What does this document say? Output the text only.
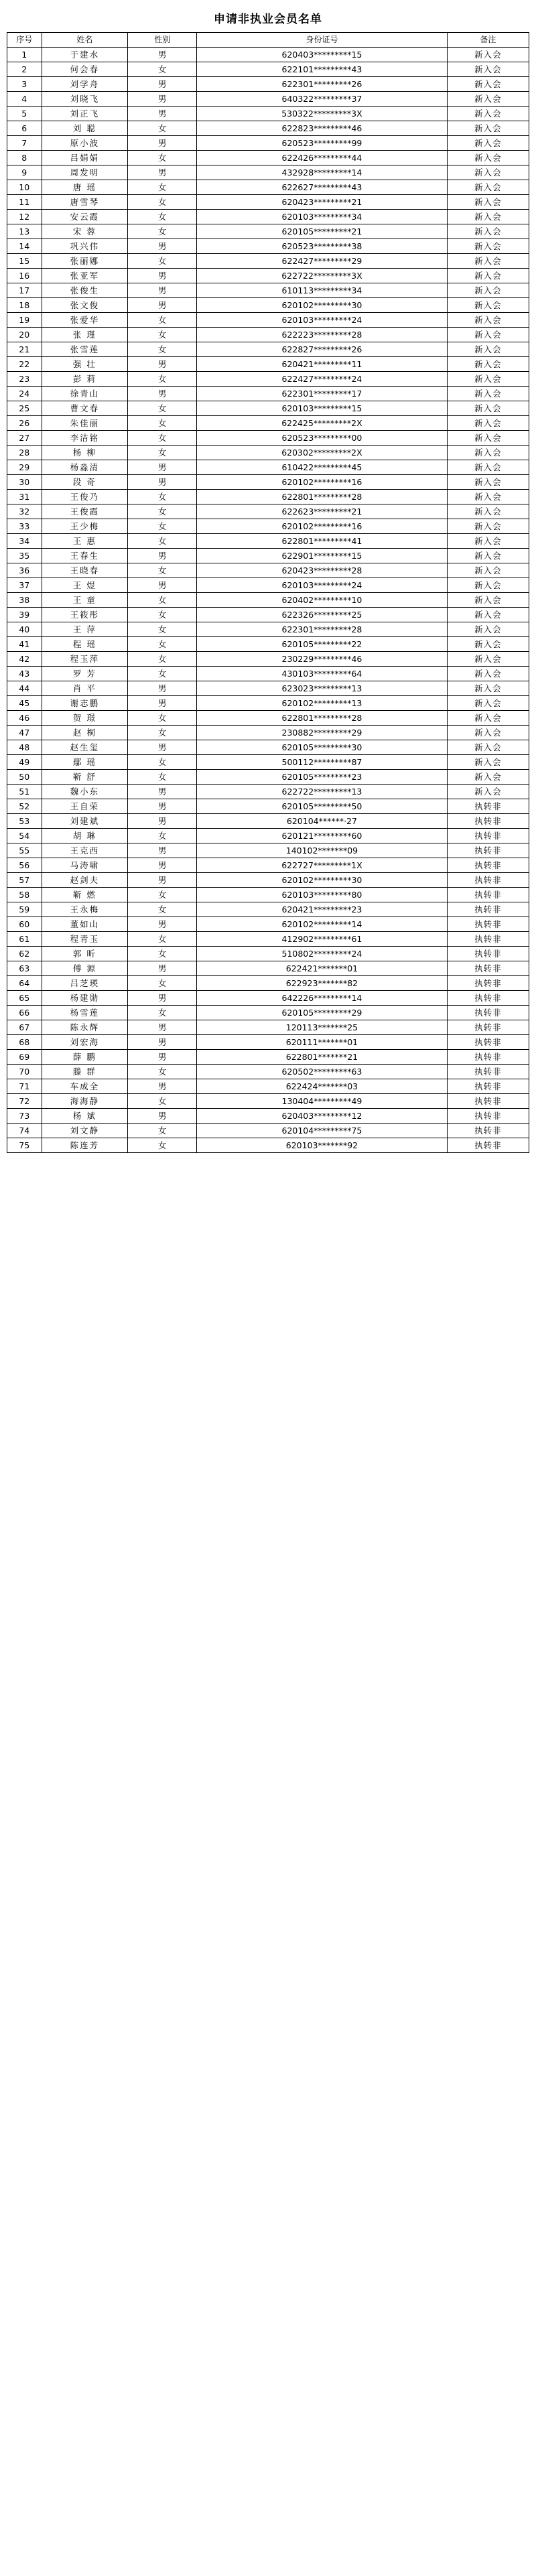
申请非执业会员名单
序号	姓名	性别	身份证号	备注
1	于建水	男	620403*********15	新入会
2	何会春	女	622101*********43	新入会
3	刘学舟	男	622301*********26	新入会
4	刘晓飞	男	640322*********37	新入会
5	刘正飞	男	530322*********3X	新入会
6	刘 聪	女	622823*********46	新入会
7	原小波	男	620523*********99	新入会
8	吕娟娟	女	622426*********44	新入会
9	周发明	男	432928*********14	新入会
10	唐 瑶	女	622627*********43	新入会
11	唐雪琴	女	620423*********21	新入会
12	安云霞	女	620103*********34	新入会
13	宋 蓉	女	620105*********21	新入会
14	巩兴伟	男	620523*********38	新入会
15	张丽娜	女	622427*********29	新入会
16	张亚军	男	622722*********3X	新入会
17	张俊生	男	610113*********34	新入会
18	张文俊	男	620102*********30	新入会
19	张爱华	女	620103*********24	新入会
20	张 瑾	女	622223*********28	新入会
21	张雪莲	女	622827*********26	新入会
22	强 壮	男	620421*********11	新入会
23	彭 莉	女	622427*********24	新入会
24	徐青山	男	622301*********17	新入会
25	曹文春	女	620103*********15	新入会
26	朱佳丽	女	622425*********2X	新入会
27	李洁铭	女	620523*********00	新入会
28	杨 柳	女	620302*********2X	新入会
29	杨淼清	男	610422*********45	新入会
30	段 奇	男	620102*********16	新入会
31	王俊乃	女	622801*********28	新入会
32	王俊霞	女	622623*********21	新入会
33	王少梅	女	620102*********16	新入会
34	王 惠	女	622801*********41	新入会
35	王春生	男	622901*********15	新入会
36	王晓春	女	620423*********28	新入会
37	王 煜	男	620103*********24	新入会
38	王 童	女	620402*********10	新入会
39	王筱彤	女	622326*********25	新入会
40	王 萍	女	622301*********28	新入会
41	程 瑶	女	620105*********22	新入会
42	程玉萍	女	230229*********46	新入会
43	罗 芳	女	430103*********64	新入会
44	肖 平	男	623023*********13	新入会
45	谢志鹏	男	620102*********13	新入会
46	贺 璟	女	622801*********28	新入会
47	赵 桐	女	230882*********29	新入会
48	赵生玺	男	620105*********30	新入会
49	鄢 瑶	女	500112*********87	新入会
50	靳 舒	女	620105*********23	新入会
51	魏小东	男	622722*********13	新入会
52	王自荣	男	620105*********50	执转非
53	刘建斌	男	620104******·27	执转非
54	胡 琳	女	620121*********60	执转非
55	王克西	男	140102*******09	执转非
56	马涛啸	男	622727*********1X	执转非
57	赵剑夫	男	620102*********30	执转非
58	靳 燃	女	620103*********80	执转非
59	王永梅	女	620421*********23	执转非
60	董如山	男	620102*********14	执转非
61	程青玉	女	412902*********61	执转非
62	郭 昕	女	510802*********24	执转非
63	傅 源	男	622421*******01	执转非
64	吕芝瑛	女	622923*******82	执转非
65	杨建勋	男	642226*********14	执转非
66	杨雪莲	女	620105*********29	执转非
67	陈永辉	男	120113*******25	执转非
68	刘宏海	男	620111*******01	执转非
69	薛 鹏	男	622801*******21	执转非
70	滕 群	女	620502*********63	执转非
71	车成全	男	622424*******03	执转非
72	海海静	女	130404*********49	执转非
73	杨 斌	男	620403*********12	执转非
74	刘文静	女	620104*********75	执转非
75	陈连芳	女	620103*******92	执转非
